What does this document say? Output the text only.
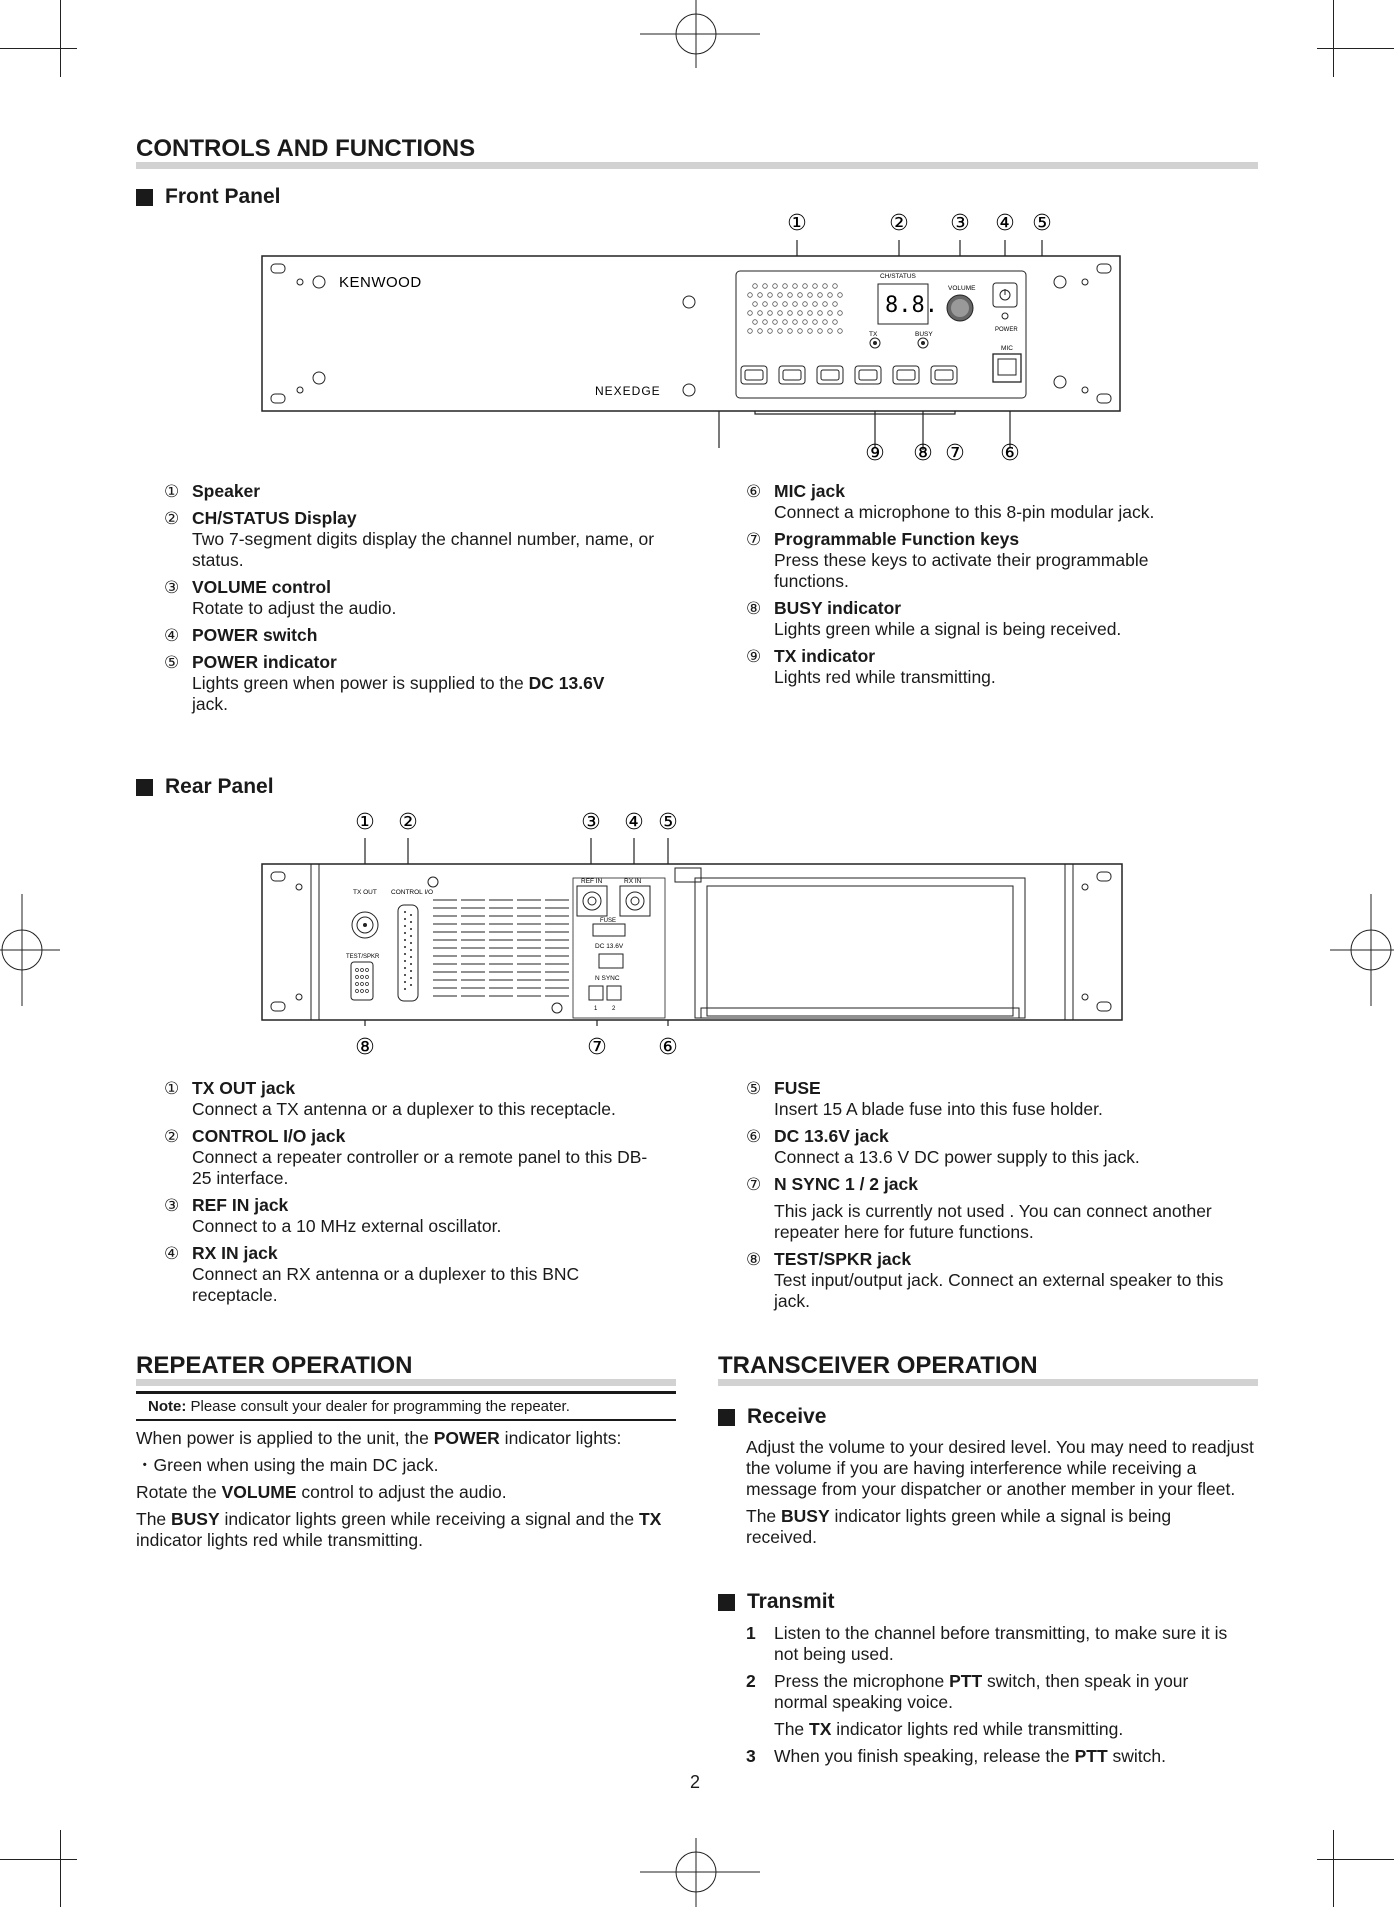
CONTROLS AND FUNCTIONS
Front Panel
①	② ③ ④ ⑤
KENWOOD
NEXEDGE
CH/STATUS
8.8.
VOLUME
POWER
TX	BUSY
MIC
⑨ ⑧ ⑦ ⑥
① Speaker
② CH/STATUS Display
Two 7-segment digits display the channel number, name, or status.
③ VOLUME control
Rotate to adjust the audio.
④ POWER switch
⑤ POWER indicator
Lights green when power is supplied to the DC 13.6V jack.
⑥ MIC jack
Connect a microphone to this 8-pin modular jack.
⑦ Programmable Function keys
Press these keys to activate their programmable functions.
⑧ BUSY indicator
Lights green while a signal is being received.
⑨ TX indicator
Lights red while transmitting.
Rear Panel
① ②	③ ④ ⑤
TX OUT CONTROL I/O
TEST/SPKR
REF IN	RX IN
FUSE
DC 13.6V
N SYNC
1 2
⑧	⑦ ⑥
① TX OUT jack
Connect a TX antenna or a duplexer to this receptacle.
② CONTROL I/O jack
Connect a repeater controller or a remote panel to this DB-25 interface.
③ REF IN jack
Connect to a 10 MHz external oscillator.
④ RX IN jack
Connect an RX antenna or a duplexer to this BNC receptacle.
⑤ FUSE
Insert 15 A blade fuse into this fuse holder.
⑥ DC 13.6V jack
Connect a 13.6 V DC power supply to this jack.
⑦ N SYNC 1 / 2 jack
This jack is currently not used . You can connect another repeater here for future functions.
⑧ TEST/SPKR jack
Test input/output jack. Connect an external speaker to this jack.
REPEATER OPERATION
Note: Please consult your dealer for programming the repeater.

When power is applied to the unit, the POWER indicator lights:

・Green when using the main DC jack.

Rotate the VOLUME control to adjust the audio.

The BUSY indicator lights green while receiving a signal and the TX indicator lights red while transmitting.

TRANSCEIVER OPERATION
Receive

Adjust the volume to your desired level. You may need to readjust the volume if you are having interference while receiving a message from your dispatcher or another member in your fleet.

The BUSY indicator lights green while a signal is being received.

Transmit
1	Listen to the channel before transmitting, to make sure it is not being used.
2	Press the microphone PTT switch, then speak in your normal speaking voice.
The TX indicator lights red while transmitting.
3	When you finish speaking, release the PTT switch.
2
